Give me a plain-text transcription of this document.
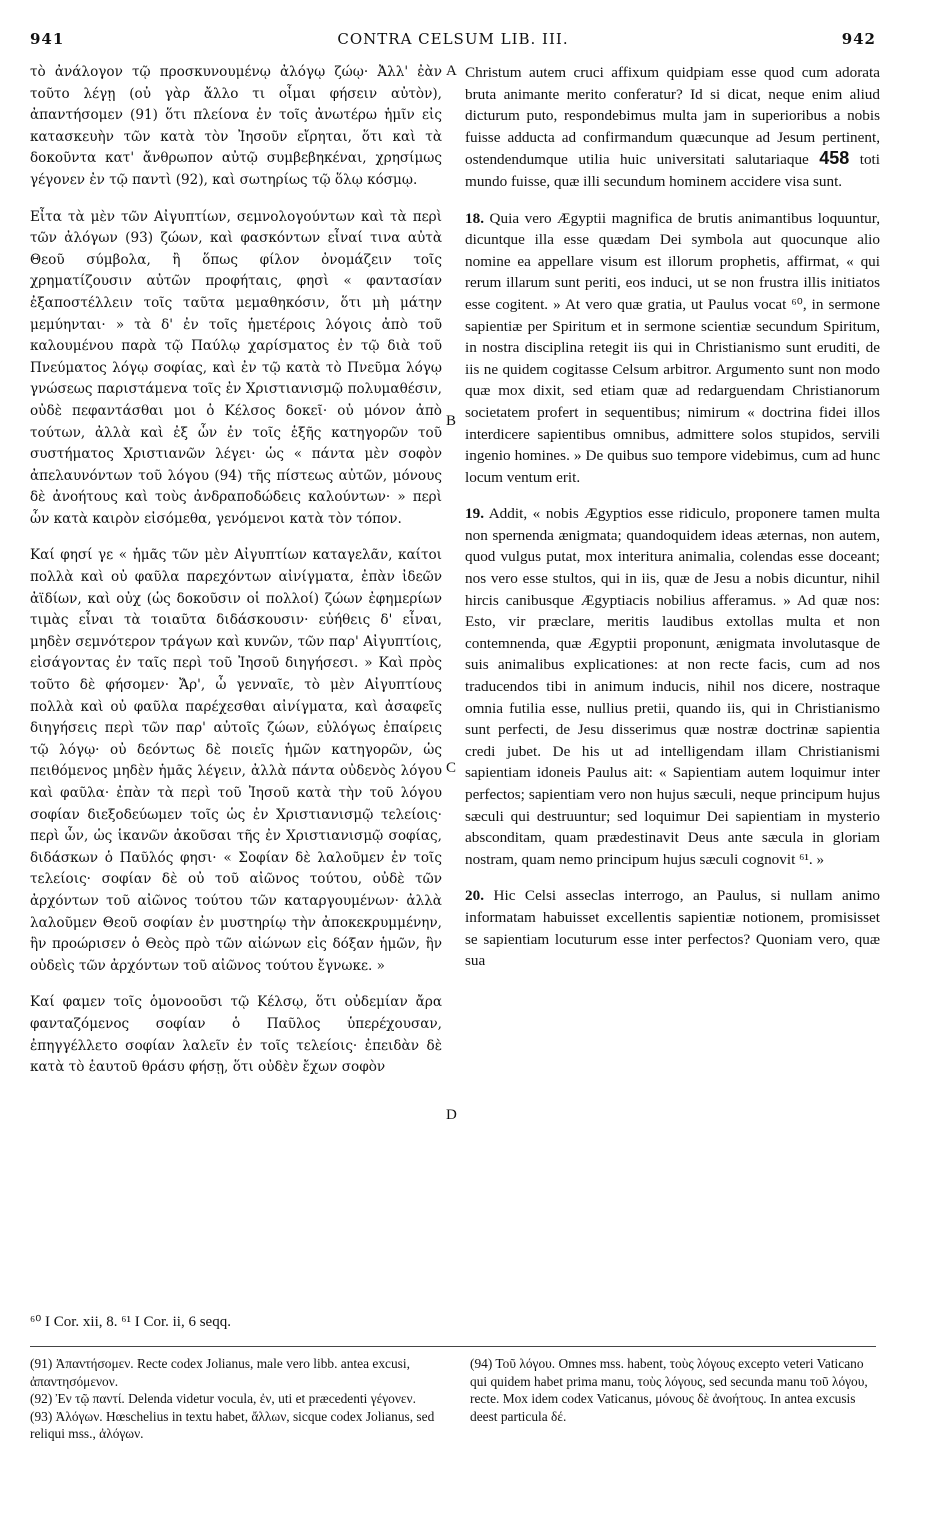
941	CONTRA CELSUM LIB. III.	942

τὸ ἀνάλογον τῷ προσκυνουμένῳ ἀλόγῳ ζώῳ· Ἀλλ' ἐὰν τοῦτο λέγῃ (οὐ γὰρ ἄλλο τι οἶμαι φήσειν αὐτὸν), ἀπαντήσομεν (91) ὅτι πλείονα ἐν τοῖς ἀνωτέρω ἡμῖν εἰς κατασκευὴν τῶν κατὰ τὸν Ἰησοῦν εἴρηται, ὅτι καὶ τὰ δοκοῦντα κατ' ἄνθρωπον αὐτῷ συμβεβηκέναι, χρησίμως γέγονεν ἐν τῷ παντὶ (92), καὶ σωτηρίως τῷ ὅλῳ κόσμῳ.

Εἶτα τὰ μὲν τῶν Αἰγυπτίων, σεμνολογούντων καὶ τὰ περὶ τῶν ἀλόγων (93) ζώων, καὶ φασκόντων εἶναί τινα αὐτὰ Θεοῦ σύμβολα, ἢ ὅπως φίλον ὀνομάζειν τοῖς χρηματίζουσιν αὐτῶν προφήταις, φησὶ « φαντασίαν ἐξαποστέλλειν τοῖς ταῦτα μεμαθηκόσιν, ὅτι μὴ μάτην μεμύηνται· » τὰ δ' ἐν τοῖς ἡμετέροις λόγοις ἀπὸ τοῦ καλουμένου παρὰ τῷ Παύλῳ χαρίσματος ἐν τῷ διὰ τοῦ Πνεύματος λόγῳ σοφίας, καὶ ἐν τῷ κατὰ τὸ Πνεῦμα λόγῳ γνώσεως παριστάμενα τοῖς ἐν Χριστιανισμῷ πολυμαθέσιν, οὐδὲ πεφαντάσθαι μοι ὁ Κέλσος δοκεῖ· οὐ μόνον ἀπὸ τούτων, ἀλλὰ καὶ ἐξ ὧν ἐν τοῖς ἑξῆς κατηγορῶν τοῦ συστήματος Χριστιανῶν λέγει· ὡς « πάντα μὲν σοφὸν ἀπελαυνόντων τοῦ λόγου (94) τῆς πίστεως αὐτῶν, μόνους δὲ ἀνοήτους καὶ τοὺς ἀνδραποδώδεις καλούντων· » περὶ ὧν κατὰ καιρὸν εἰσόμεθα, γενόμενοι κατὰ τὸν τόπον.

Καί φησί γε « ἡμᾶς τῶν μὲν Αἰγυπτίων καταγελᾶν, καίτοι πολλὰ καὶ οὐ φαῦλα παρεχόντων αἰνίγματα, ἐπὰν ἰδεῶν ἀϊδίων, καὶ οὐχ (ὡς δοκοῦσιν οἱ πολλοί) ζώων ἐφημερίων τιμὰς εἶναι τὰ τοιαῦτα διδάσκουσιν· εὐήθεις δ' εἶναι, μηδὲν σεμνότερον τράγων καὶ κυνῶν, τῶν παρ' Αἰγυπτίοις, εἰσάγοντας ἐν ταῖς περὶ τοῦ Ἰησοῦ διηγήσεσι. » Καὶ πρὸς τοῦτο δὲ φήσομεν· Ἄρ', ὦ γενναῖε, τὸ μὲν Αἰγυπτίους πολλὰ καὶ οὐ φαῦλα παρέχεσθαι αἰνίγματα, καὶ ἀσαφεῖς διηγήσεις περὶ τῶν παρ' αὐτοῖς ζώων, εὐλόγως ἐπαίρεις τῷ λόγῳ· οὐ δεόντως δὲ ποιεῖς ἡμῶν κατηγορῶν, ὡς πειθόμενος μηδὲν ἡμᾶς λέγειν, ἀλλὰ πάντα οὐδενὸς λόγου καὶ φαῦλα· ἐπὰν τὰ περὶ τοῦ Ἰησοῦ κατὰ τὴν τοῦ λόγου σοφίαν διεξοδεύωμεν τοῖς ὡς ἐν Χριστιανισμῷ τελείοις· περὶ ὧν, ὡς ἱκανῶν ἀκοῦσαι τῆς ἐν Χριστιανισμῷ σοφίας, διδάσκων ὁ Παῦλός φησι· « Σοφίαν δὲ λαλοῦμεν ἐν τοῖς τελείοις· σοφίαν δὲ οὐ τοῦ αἰῶνος τούτου, οὐδὲ τῶν ἀρχόντων τοῦ αἰῶνος τούτου τῶν καταργουμένων· ἀλλὰ λαλοῦμεν Θεοῦ σοφίαν ἐν μυστηρίῳ τὴν ἀποκεκρυμμένην, ἣν προώρισεν ὁ Θεὸς πρὸ τῶν αἰώνων εἰς δόξαν ἡμῶν, ἣν οὐδεὶς τῶν ἀρχόντων τοῦ αἰῶνος τούτου ἔγνωκε. »

Καί φαμεν τοῖς ὁμονοοῦσι τῷ Κέλσῳ, ὅτι οὐδεμίαν ἄρα φανταζόμενος σοφίαν ὁ Παῦλος ὑπερέχουσαν, ἐπηγγέλλετο σοφίαν λαλεῖν ἐν τοῖς τελείοις· ἐπειδὰν δὲ κατὰ τὸ ἑαυτοῦ θράσυ φήσῃ, ὅτι οὐδὲν ἔχων σοφὸν

A
B
C
D

Christum autem cruci affixum quidpiam esse quod cum adorata bruta animante merito conferatur? Id si dicat, neque enim aliud dicturum puto, respondebimus multa jam in superioribus a nobis fuisse adducta ad confirmandum quæcunque ad Jesum pertinent, ostendendumque utilia huic universitati salutariaque 458 toti mundo fuisse, quæ illi secundum hominem accidere visa sunt.

18. Quia vero Ægyptii magnifica de brutis animantibus loquuntur, dicuntque illa esse quædam Dei symbola aut quocunque alio nomine ea appellare visum est illorum prophetis, affirmat, « qui rerum illarum sunt periti, eos induci, ut se non frustra illis initiatos esse cogitent. » At vero quæ gratia, ut Paulus vocat ⁶⁰, in sermone sapientiæ per Spiritum et in sermone scientiæ secundum Spiritum, in nostra disciplina retegit iis qui in Christianismo sunt eruditi, de iis ne quidem cogitasse Celsum arbitror. Argumento sunt non modo quæ mox dixit, sed etiam quæ ad redarguendam Christianorum societatem profert in sequentibus; nimirum « doctrina fidei illos interdicere sapientibus omnibus, admittere solos stupidos, servili ingenio homines. » De quibus suo tempore videbimus, cum ad hunc locum ventum erit.

19. Addit, « nobis Ægyptios esse ridiculo, proponere tamen multa non spernenda ænigmata; quandoquidem ideas æternas, non autem, quod vulgus putat, mox interitura animalia, colendas esse doceant; nos vero esse stultos, qui in iis, quæ de Jesu a nobis dicuntur, nihil hircis canibusque Ægyptiacis nobilius afferamus. » Ad quæ nos: Esto, vir præclare, meritis laudibus extollas multa et non contemnenda, quæ Ægyptii proponunt, ænigmata involutasque de suis animalibus explicationes: at non recte facis, cum ad nos traducendos tibi in animum inducis, nihil nos dicere, nostraque omnia futilia esse, nullius pretii, quando iis, qui in Christianismo sunt perfecti, de Jesu disserimus quæ nostræ doctrinæ sapientia credi jubet. De his ut ad intelligendam illam Christianismi sapientiam idoneis Paulus ait: « Sapientiam autem loquimur inter perfectos; sapientiam vero non hujus sæculi, neque principum hujus sæculi qui destruuntur; sed loquimur Dei sapientiam in mysterio absconditam, quam prædestinavit Deus ante sæcula in gloriam nostram, quam nemo principum hujus sæculi cognovit ⁶¹. »

20. Hic Celsi asseclas interrogo, an Paulus, si nullam animo informatam habuisset excellentis sapientiæ notionem, promisisset se sapientiam locuturum esse inter perfectos? Quoniam vero, quæ sua

⁶⁰ I Cor. xii, 8. ⁶¹ I Cor. ii, 6 seqq.

(91) Ἀπαντήσομεν. Recte codex Jolianus, male vero libb. antea excusi, ἀπαντησόμενον.

(92) Ἐν τῷ παντί. Delenda videtur vocula, ἐν, uti et præcedenti γέγονεν.

(93) Ἀλόγων. Hœschelius in textu habet, ἄλλων, sicque codex Jolianus, sed reliqui mss., ἀλόγων.

(94) Τοῦ λόγου. Omnes mss. habent, τοὺς λόγους excepto veteri Vaticano qui quidem habet prima manu, τοὺς λόγους, sed secunda manu τοῦ λόγου, recte. Mox idem codex Vaticanus, μόνους δὲ ἀνοήτους. In antea excusis deest particula δέ.
